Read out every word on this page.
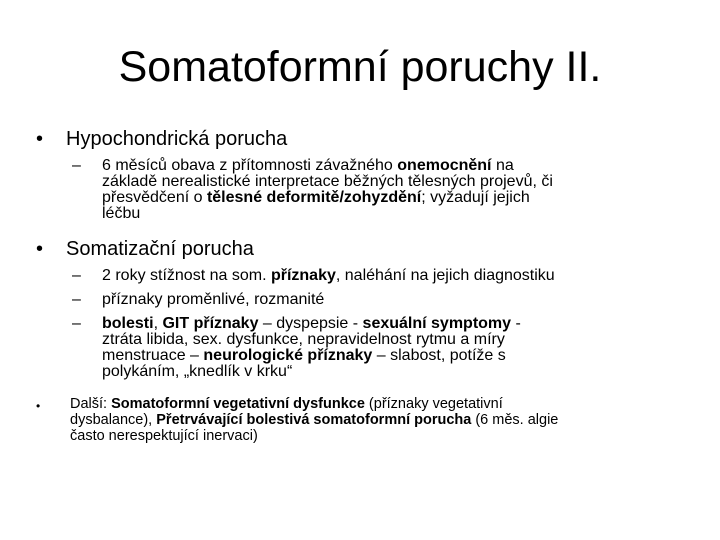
Somatoformní poruchy II.
• Hypochondrická porucha
– 6 měsíců obava z přítomnosti závažného onemocnění na
základě nerealistické interpretace běžných tělesných projevů, či
přesvědčení o tělesné deformitě/zohyzdění; vyžadují jejich
léčbu
• Somatizační porucha
– 2 roky stížnost na som. příznaky, naléhání na jejich diagnostiku
– příznaky proměnlivé, rozmanité
– bolesti, GIT příznaky – dyspepsie - sexuální symptomy -
ztráta libida, sex. dysfunkce, nepravidelnost rytmu a míry
menstruace – neurologické příznaky – slabost, potíže s
polykáním, „knedlík v krku“
• Další: Somatoformní vegetativní dysfunkce (příznaky vegetativní
dysbalance), Přetrvávající bolestivá somatoformní porucha (6 měs. algie
často nerespektující inervaci)
